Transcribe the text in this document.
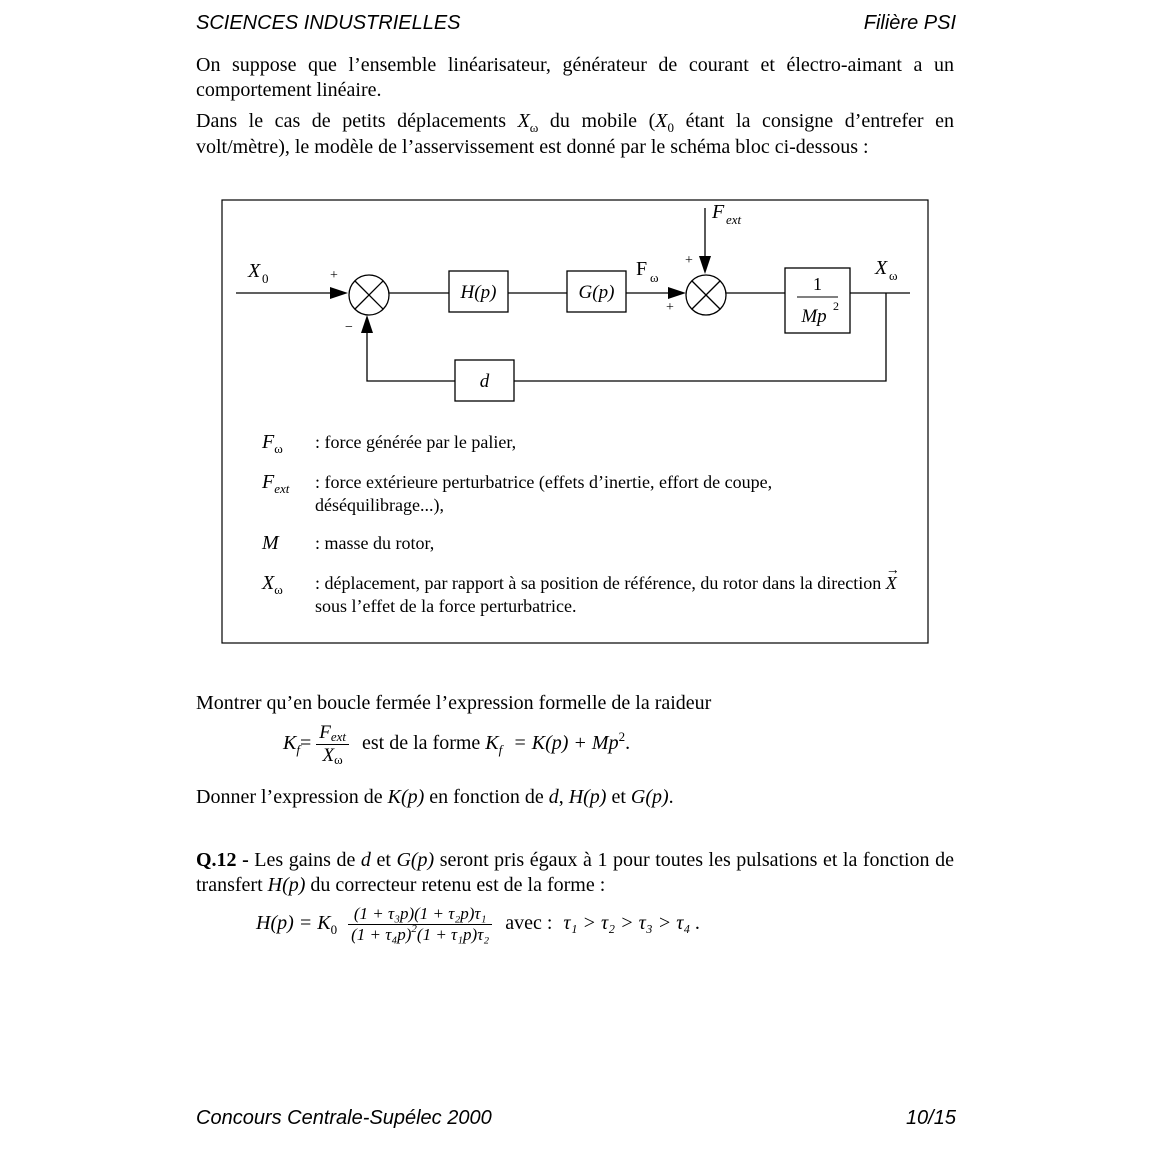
SCIENCES INDUSTRIELLES	Filière PSI

On suppose que l’ensemble linéarisateur, générateur de courant et électro-aimant a un comportement linéaire.

Dans le cas de petits déplacements $X_\omega$ du mobile ($X_0$ étant la consigne d’entrefer en volt/mètre), le modèle de l’asservissement est donné par le schéma bloc ci-dessous :

X 0	+
−
H(p)	G(p)
F ω
+
+
F ext
1
Mp 2
X ω
d
$F_\omega$ : force générée par le palier,
$F_{ext}$ : force extérieure perturbatrice (effets d’inertie, effort de coupe, déséquilibrage...),
M : masse du rotor,
$X_\omega$ : déplacement, par rapport à sa position de référence, du rotor dans la direction
→
X sous l’effet de la force perturbatrice.
Montrer qu’en boucle fermée l’expression formelle de la raideur
$K_f= \frac{\text{Fext}}{X\omega}$ est de la forme $K_f = K(p) + Mp^2$.
Donner l’expression de K(p) en fonction de d, H(p) et G(p).

Q.12 - Les gains de d et G(p) seront pris égaux à 1 pour toutes les pulsations et la fonction de transfert H(p) du correcteur retenu est de la forme :

$H(p) = K_0 \frac{\text{(1 + τ₃p)(1 + τ₂p)τ₁}}{(1 + \tau_4p)^2(1 + \tau_1p)\tau_2}$ avec : τ₁ > τ₂ > τ₃ > τ₄ .
Concours Centrale-Supélec 2000	10/15
